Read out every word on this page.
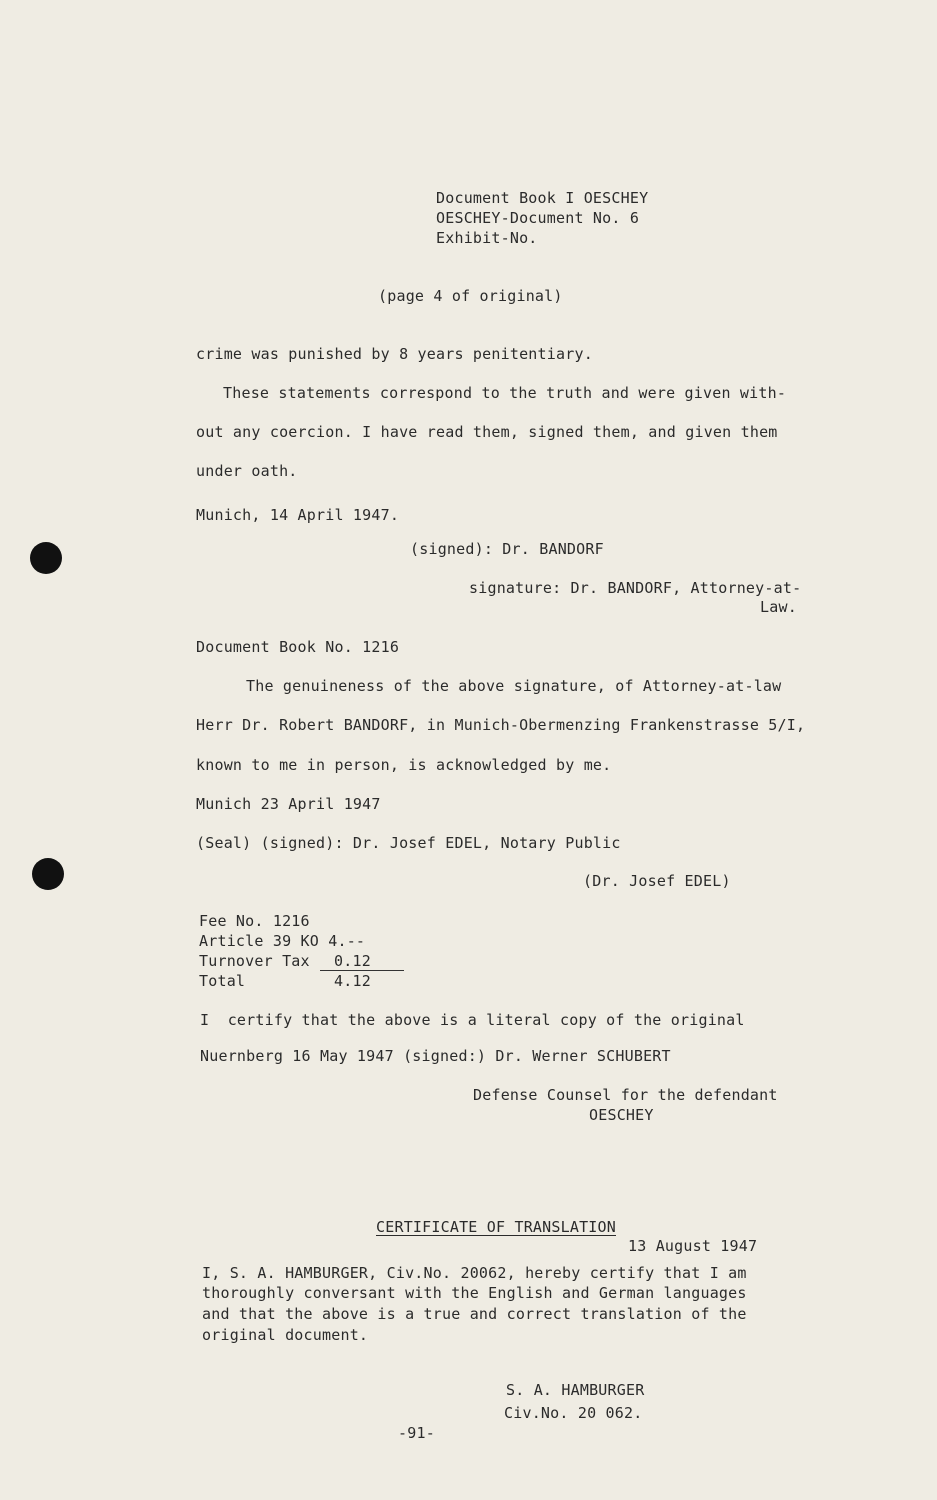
Document Book I OESCHEY
OESCHEY-Document No. 6
Exhibit-No.
(page 4 of original)
crime was punished by 8 years penitentiary.
These statements correspond to the truth and were given with-
out any coercion. I have read them, signed them, and given them
under oath.
Munich, 14 April 1947.
(signed): Dr. BANDORF
signature: Dr. BANDORF, Attorney-at-
Law.
Document Book No. 1216
The genuineness of the above signature, of Attorney-at-law
Herr Dr. Robert BANDORF, in Munich-Obermenzing Frankenstrasse 5/I,
known to me in person, is acknowledged by me.
Munich 23 April 1947
(Seal) (signed): Dr. Josef EDEL, Notary Public
(Dr. Josef EDEL)
Fee No. 1216
Article 39 KO 4.--
Turnover Tax 0.12
Total	4.12
I  certify that the above is a literal copy of the original
Nuernberg 16 May 1947 (signed:) Dr. Werner SCHUBERT
Defense Counsel for the defendant
OESCHEY
CERTIFICATE OF TRANSLATION
13 August 1947
I, S. A. HAMBURGER, Civ.No. 20062, hereby certify that I am
thoroughly conversant with the English and German languages
and that the above is a true and correct translation of the
original document.
S. A. HAMBURGER
Civ.No. 20 062.
-91-
